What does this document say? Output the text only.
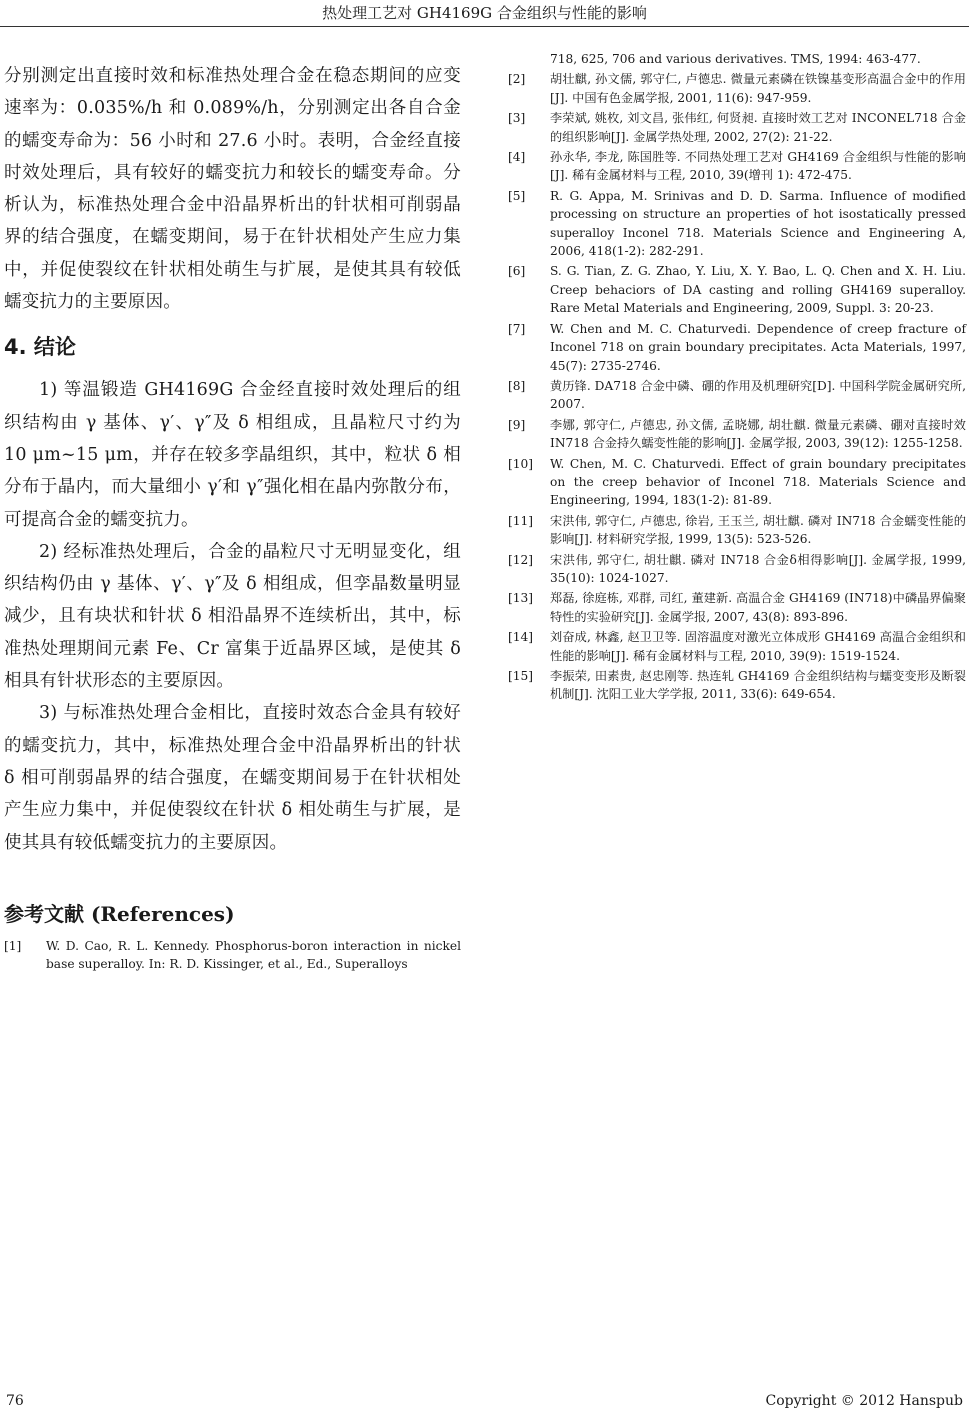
热处理工艺对 GH4169G 合金组织与性能的影响

分别测定出直接时效和标准热处理合金在稳态期间的应变速率为：0.035%/h 和 0.089%/h，分别测定出各自合金的蠕变寿命为：56 小时和 27.6 小时。表明，合金经直接时效处理后，具有较好的蠕变抗力和较长的蠕变寿命。分析认为，标准热处理合金中沿晶界析出的针状相可削弱晶界的结合强度，在蠕变期间，易于在针状相处产生应力集中，并促使裂纹在针状相处萌生与扩展，是使其具有较低蠕变抗力的主要原因。

4. 结论

1) 等温锻造 GH4169G 合金经直接时效处理后的组织结构由 γ 基体、γ′、γ″及 δ 相组成，且晶粒尺寸约为 10 μm~15 μm，并存在较多孪晶组织，其中，粒状 δ 相分布于晶内，而大量细小 γ′和 γ″强化相在晶内弥散分布，可提高合金的蠕变抗力。

2) 经标准热处理后，合金的晶粒尺寸无明显变化，组织结构仍由 γ 基体、γ′、γ″及 δ 相组成，但孪晶数量明显减少，且有块状和针状 δ 相沿晶界不连续析出，其中，标准热处理期间元素 Fe、Cr 富集于近晶界区域，是使其 δ 相具有针状形态的主要原因。

3) 与标准热处理合金相比，直接时效态合金具有较好的蠕变抗力，其中，标准热处理合金中沿晶界析出的针状 δ 相可削弱晶界的结合强度，在蠕变期间易于在针状相处产生应力集中，并促使裂纹在针状 δ 相处萌生与扩展，是使其具有较低蠕变抗力的主要原因。

参考文献 (References)
[1]	W. D. Cao, R. L. Kennedy. Phosphorus-boron interaction in nickel base superalloy. In: R. D. Kissinger, et al., Ed., Superalloys
718, 625, 706 and various derivatives. TMS, 1994: 463-477.
[2]	胡壮麒, 孙文儒, 郭守仁, 卢德忠. 微量元素磷在铁镍基变形高温合金中的作用[J]. 中国有色金属学报, 2001, 11(6): 947-959.
[3]	李荣斌, 姚枚, 刘文昌, 张伟红, 何贤昶. 直接时效工艺对 INCONEL718 合金的组织影响[J]. 金属学热处理, 2002, 27(2): 21-22.
[4]	孙永华, 李龙, 陈国胜等. 不同热处理工艺对 GH4169 合金组织与性能的影响[J]. 稀有金属材料与工程, 2010, 39(增刊 1): 472-475.
[5]	R. G. Appa, M. Srinivas and D. D. Sarma. Influence of modified processing on structure an properties of hot isostatically pressed superalloy Inconel 718. Materials Science and Engineering A, 2006, 418(1-2): 282-291.
[6]	S. G. Tian, Z. G. Zhao, Y. Liu, X. Y. Bao, L. Q. Chen and X. H. Liu. Creep behaciors of DA casting and rolling GH4169 superalloy. Rare Metal Materials and Engineering, 2009, Suppl. 3: 20-23.
[7]	W. Chen and M. C. Chaturvedi. Dependence of creep fracture of Inconel 718 on grain boundary precipitates. Acta Materials, 1997, 45(7): 2735-2746.
[8]	黄历锋. DA718 合金中磷、硼的作用及机理研究[D]. 中国科学院金属研究所, 2007.
[9]	李娜, 郭守仁, 卢德忠, 孙文儒, 孟晓娜, 胡壮麒. 微量元素磷、硼对直接时效 IN718 合金持久蠕变性能的影响[J]. 金属学报, 2003, 39(12): 1255-1258.
[10]	W. Chen, M. C. Chaturvedi. Effect of grain boundary precipitates on the creep behavior of Inconel 718. Materials Science and Engineering, 1994, 183(1-2): 81-89.
[11]	宋洪伟, 郭守仁, 卢德忠, 徐岩, 王玉兰, 胡壮麒. 磷对 IN718 合金蠕变性能的影响[J]. 材料研究学报, 1999, 13(5): 523-526.
[12]	宋洪伟, 郭守仁, 胡壮麒. 磷对 IN718 合金δ相得影响[J]. 金属学报, 1999, 35(10): 1024-1027.
[13]	郑磊, 徐庭栋, 邓群, 司红, 董建新. 高温合金 GH4169 (IN718)中磷晶界偏聚特性的实验研究[J]. 金属学报, 2007, 43(8): 893-896.
[14]	刘奋成, 林鑫, 赵卫卫等. 固溶温度对激光立体成形 GH4169 高温合金组织和性能的影响[J]. 稀有金属材料与工程, 2010, 39(9): 1519-1524.
[15]	李振荣, 田素贵, 赵忠刚等. 热连轧 GH4169 合金组织结构与蠕变变形及断裂机制[J]. 沈阳工业大学学报, 2011, 33(6): 649-654.
76	Copyright © 2012 Hanspub
